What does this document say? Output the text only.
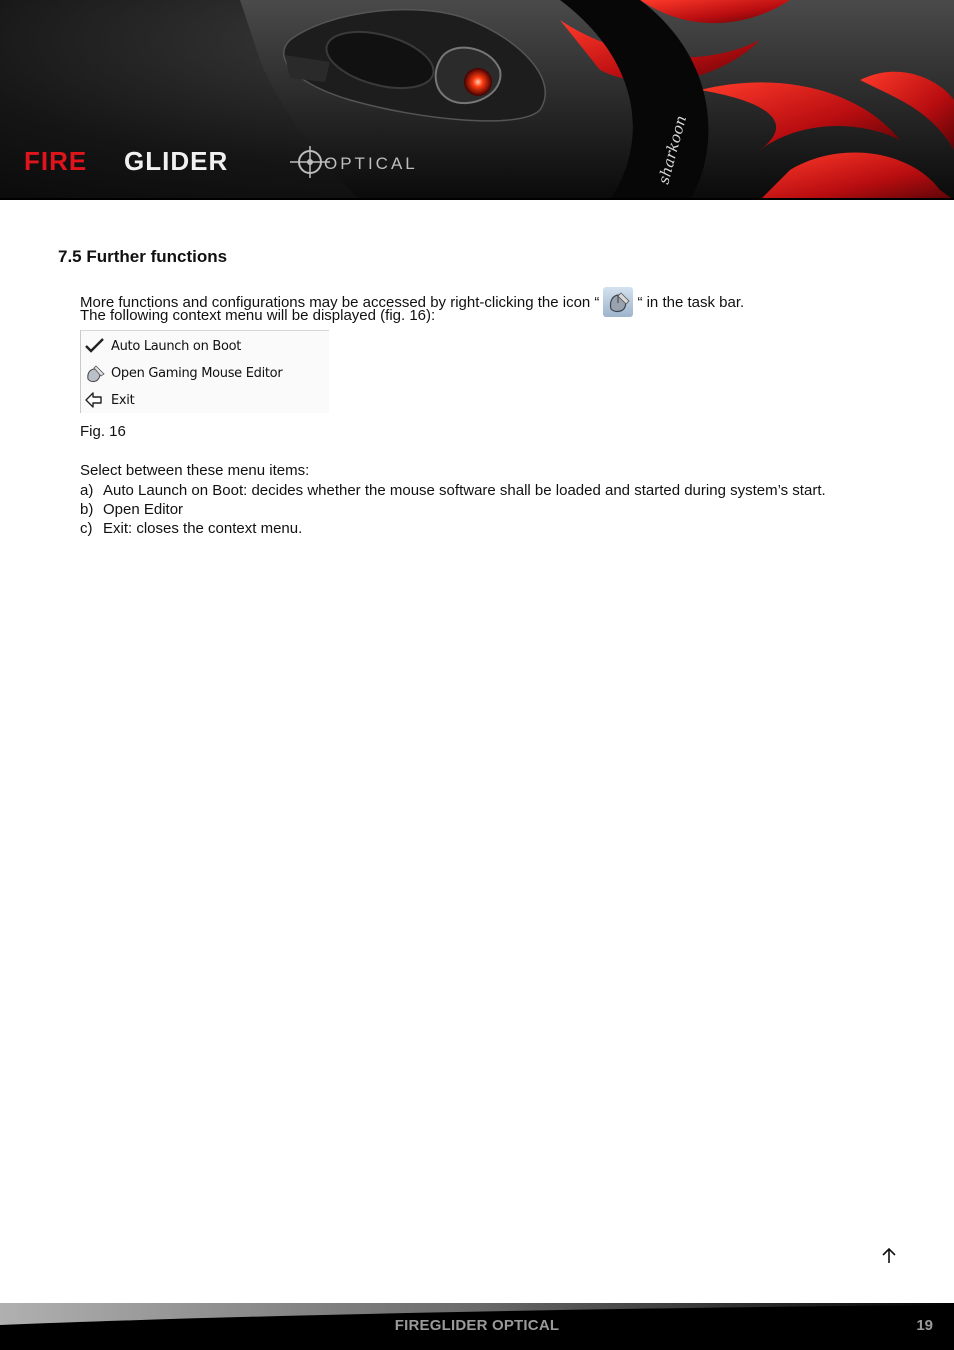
sharkoon
FIRE GLIDER	OPTICAL
7.5 Further functions
More functions and configurations may be accessed by right-clicking the icon “	“ in the task bar.
The following context menu will be displayed (fig. 16):
Auto Launch on Boot
Open Gaming Mouse Editor
Exit
Fig. 16
Select between these menu items:
a) Auto Launch on Boot: decides whether the mouse software shall be loaded and started during system’s start.
b) Open Editor
c) Exit: closes the context menu.
FIREGLIDER OPTICAL	19
